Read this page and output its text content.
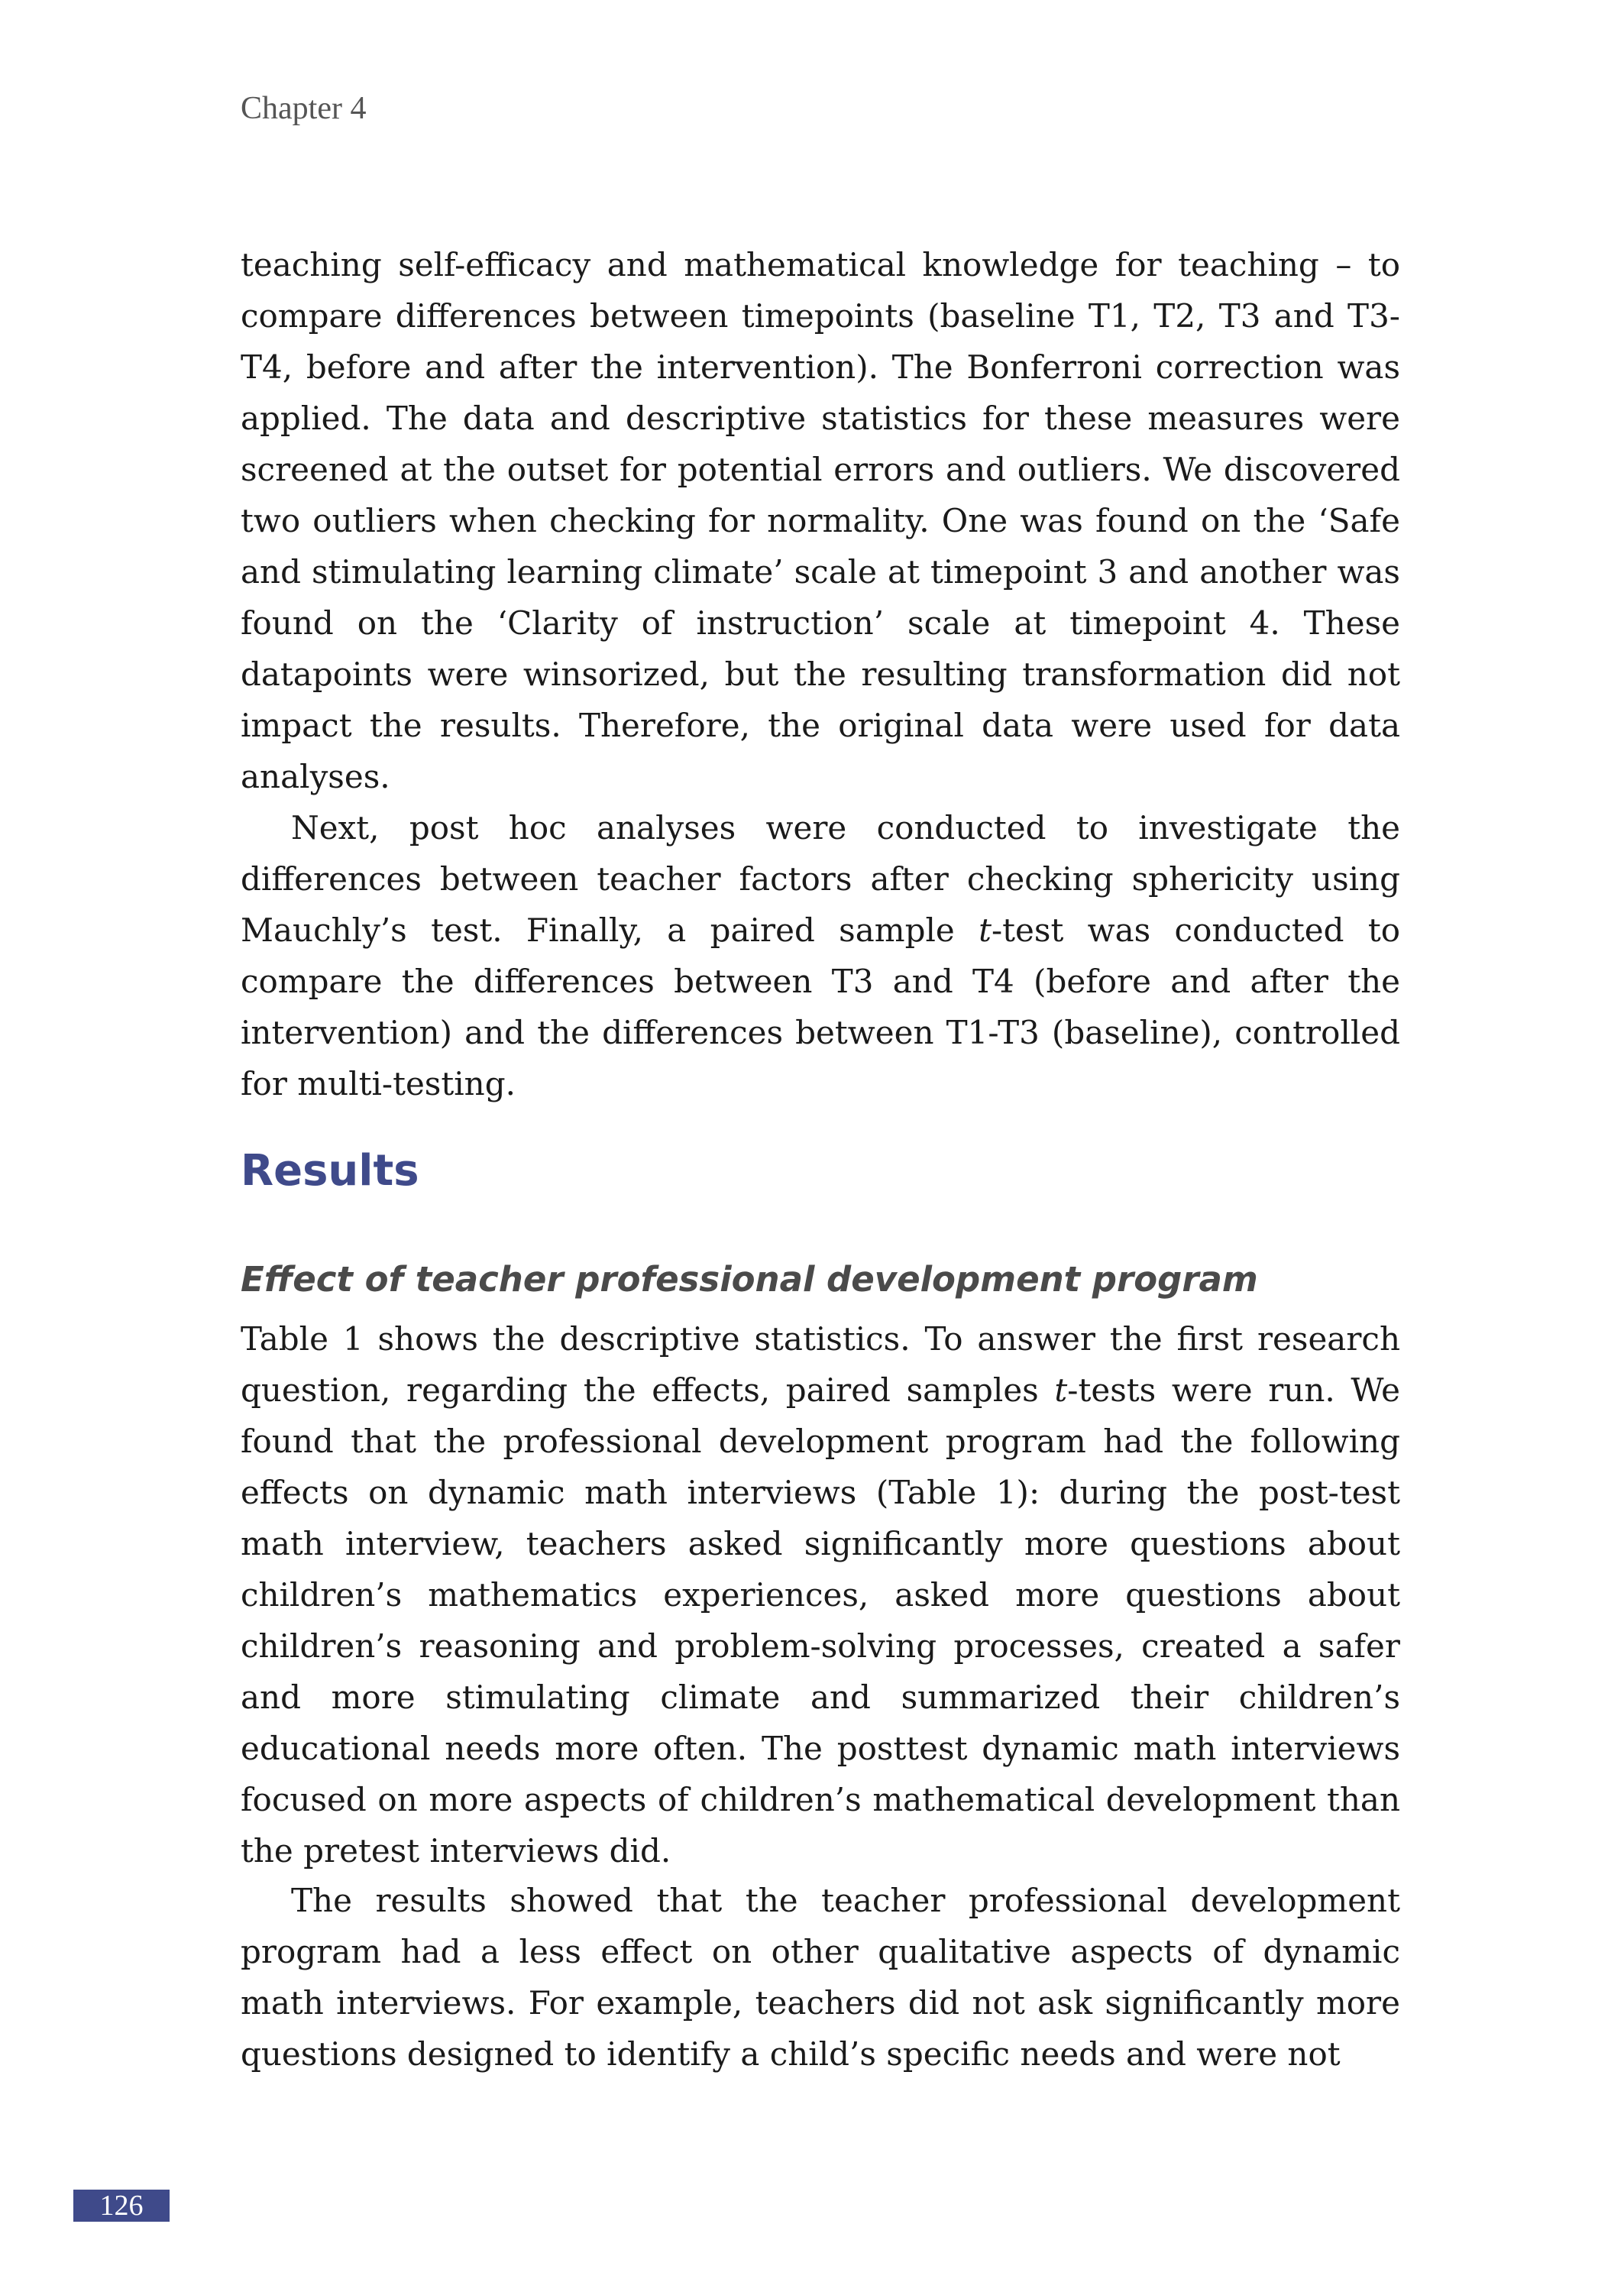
Chapter 4

teaching self-efficacy and mathematical knowledge for teaching – to compare differences between timepoints (baseline T1, T2, T3 and T3-T4, before and after the intervention). The Bonferroni correction was applied. The data and descriptive statistics for these measures were screened at the outset for potential errors and outliers. We discovered two outliers when checking for normality. One was found on the ‘Safe and stimulating learning climate’ scale at timepoint 3 and another was found on the ‘Clarity of instruction’ scale at timepoint 4. These datapoints were winsorized, but the resulting transformation did not impact the results. Therefore, the original data were used for data analyses.

Next, post hoc analyses were conducted to investigate the differences between teacher factors after checking sphericity using Mauchly’s test. Finally, a paired sample t-test was conducted to compare the differences between T3 and T4 (before and after the intervention) and the differences between T1-T3 (baseline), controlled for multi-testing.

Results
Effect of teacher professional development program

Table 1 shows the descriptive statistics. To answer the first research question, regarding the effects, paired samples t-tests were run. We found that the professional development program had the following effects on dynamic math interviews (Table 1): during the post-test math interview, teachers asked significantly more questions about children’s mathematics experiences, asked more questions about children’s reasoning and problem-solving processes, created a safer and more stimulating climate and summarized their children’s educational needs more often. The posttest dynamic math interviews focused on more aspects of children’s mathematical development than the pretest interviews did.

The results showed that the teacher professional development program had a less effect on other qualitative aspects of dynamic math interviews. For example, teachers did not ask significantly more questions designed to identify a child’s specific needs and were not

126
